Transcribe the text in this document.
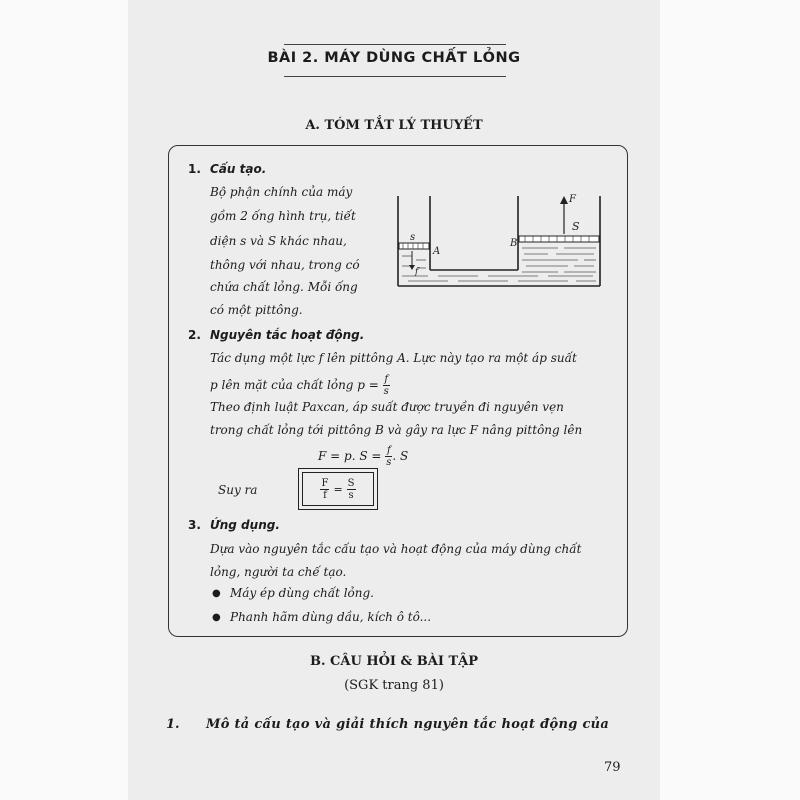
BÀI 2. MÁY DÙNG CHẤT LỎNG
A. TÓM TẮT LÝ THUYẾT
1. Cấu tạo.
Bộ phận chính của máy
gồm 2 ống hình trụ, tiết
diện s và S khác nhau,
thông với nhau, trong có
chứa chất lỏng. Mỗi ống
có một pittông.
s
A
f
B
S
F
2. Nguyên tắc hoạt động.
Tác dụng một lực f lên pittông A. Lực này tạo ra một áp suất
p lên mặt của chất lỏng $p = \frac{f}{s}$
Theo định luật Paxcan, áp suất được truyền đi nguyên vẹn
trong chất lỏng tới pittông B và gây ra lực F nâng pittông lên
F = p. $S = \frac{f}{s}$ . S
Suy ra	$\frac{F}{f} = \frac{S}{s}$
3. Ứng dụng.
Dựa vào nguyên tắc cấu tạo và hoạt động của máy dùng chất
lỏng, người ta chế tạo.
● Máy ép dùng chất lỏng.
● Phanh hãm dùng dầu, kích ô tô...
B. CÂU HỎI & BÀI TẬP
(SGK trang 81)
1. Mô tả cấu tạo và giải thích nguyên tắc hoạt động của
79
